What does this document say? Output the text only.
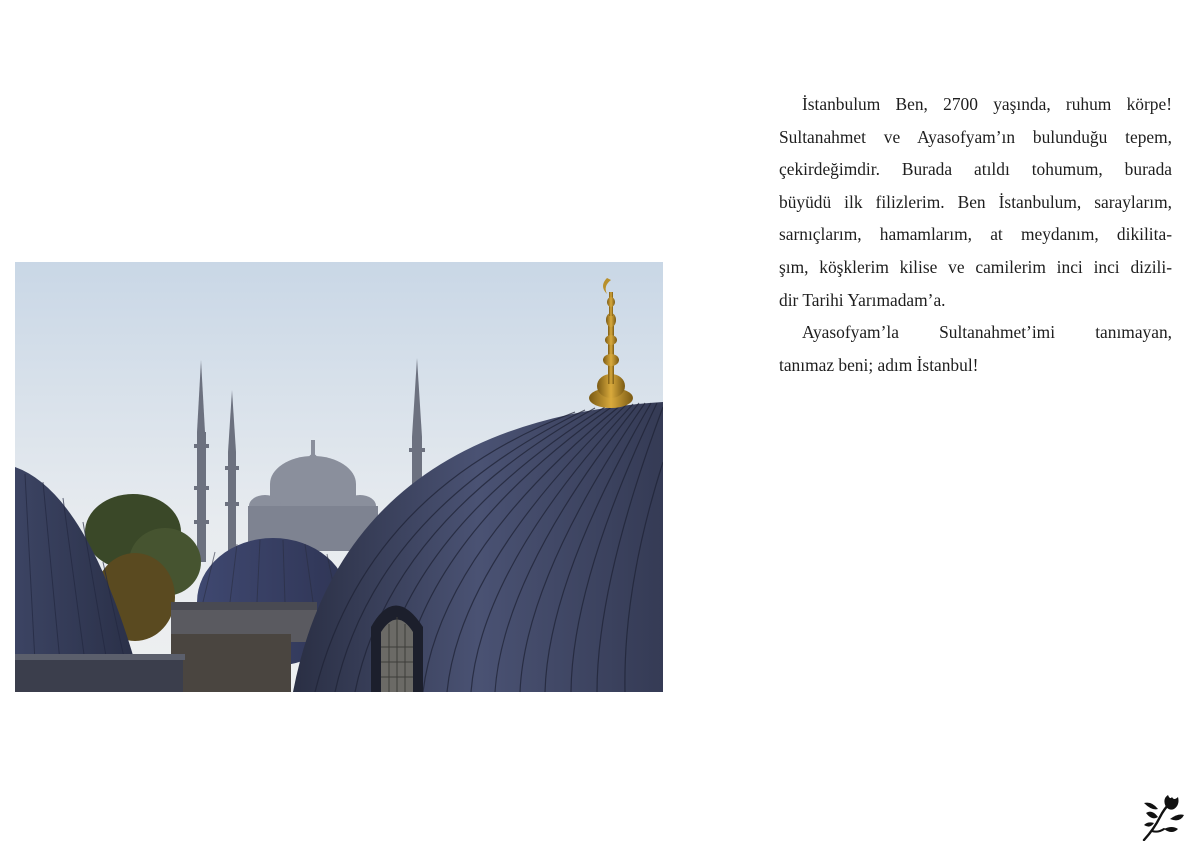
İstanbulum Ben, 2700 yaşında, ruhum körpe!
Sultanahmet ve Ayasofyam’ın bulunduğu tepem,
çekirdeğimdir. Burada atıldı tohumum, burada
büyüdü ilk filizlerim. Ben İstanbulum, saraylarım,
sarnıçlarım, hamamlarım, at meydanım, dikilita-
şım, köşklerim kilise ve camilerim inci inci dizili-
dir Tarihi Yarımadam’a.

Ayasofyam’la Sultanahmet’imi tanımayan,
tanımaz beni; adım İstanbul!
